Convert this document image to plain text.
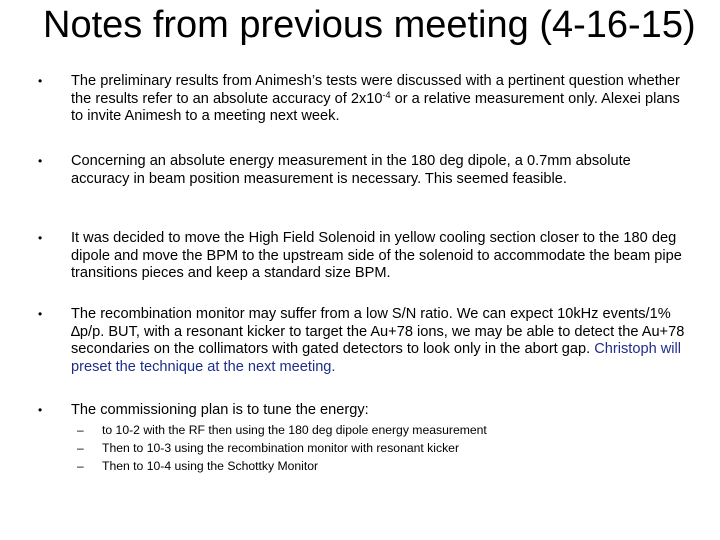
Notes from previous meeting (4-16-15)
• The preliminary results from Animesh’s tests were discussed with a pertinent question whether the results refer to an absolute accuracy of $2x10^{-4}$ or a relative measurement only. Alexei plans to invite Animesh to a meeting next week.
• Concerning an absolute energy measurement in the 180 deg dipole, a 0.7mm absolute accuracy in beam position measurement is necessary. This seemed feasible.
• It was decided to move the High Field Solenoid in yellow cooling section closer to the 180 deg dipole and move the BPM to the upstream side of the solenoid to accommodate the beam pipe transitions pieces and keep a standard size BPM.
• The recombination monitor may suffer from a low S/N ratio. We can expect 10kHz events/1% ∆p/p. BUT, with a resonant kicker to target the Au+78 ions, we may be able to detect the Au+78 secondaries on the collimators with gated detectors to look only in the abort gap. Christoph will preset the technique at the next meeting.
• The commissioning plan is to tune the energy:
– to 10-2 with the RF then using the 180 deg dipole energy measurement
– Then to 10-3 using the recombination monitor with resonant kicker
– Then to 10-4 using the Schottky Monitor
